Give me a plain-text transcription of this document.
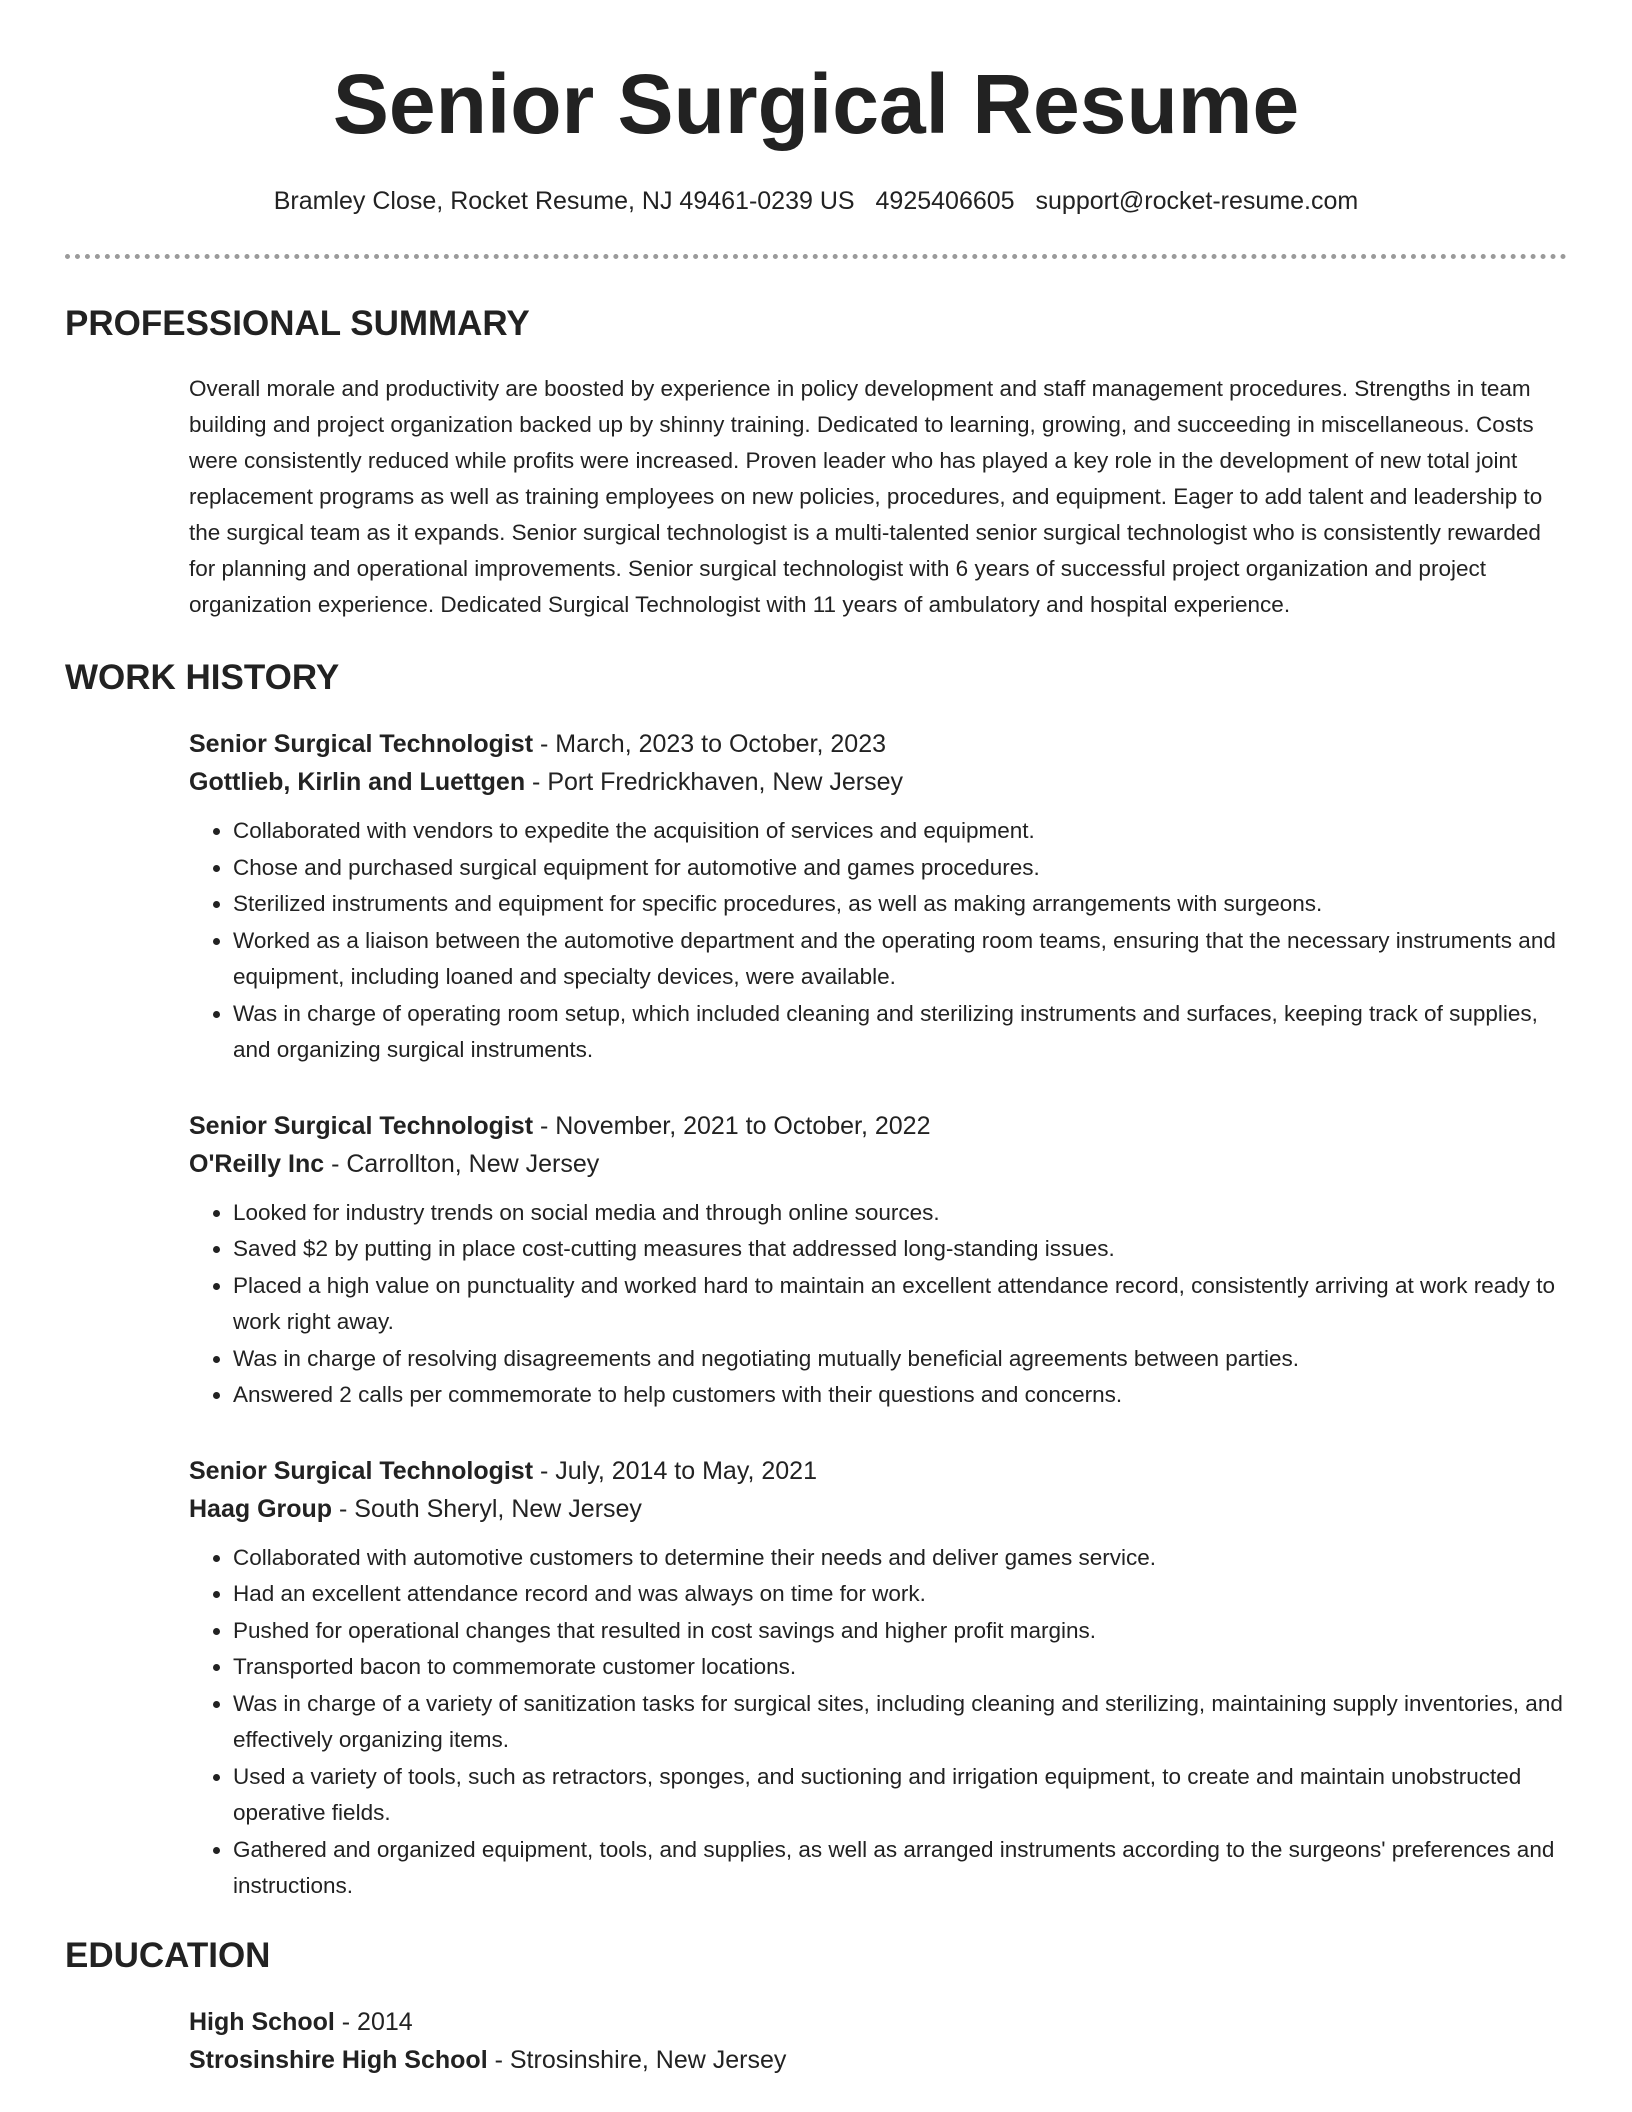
Senior Surgical Resume
Bramley Close, Rocket Resume, NJ 49461-0239 US 4925406605 support@rocket-resume.com
PROFESSIONAL SUMMARY

Overall morale and productivity are boosted by experience in policy development and staff management procedures. Strengths in team building and project organization backed up by shinny training. Dedicated to learning, growing, and succeeding in miscellaneous. Costs were consistently reduced while profits were increased. Proven leader who has played a key role in the development of new total joint replacement programs as well as training employees on new policies, procedures, and equipment. Eager to add talent and leadership to the surgical team as it expands. Senior surgical technologist is a multi-talented senior surgical technologist who is consistently rewarded for planning and operational improvements. Senior surgical technologist with 6 years of successful project organization and project organization experience. Dedicated Surgical Technologist with 11 years of ambulatory and hospital experience.

WORK HISTORY
Senior Surgical Technologist - March, 2023 to October, 2023
Gottlieb, Kirlin and Luettgen - Port Fredrickhaven, New Jersey
• Collaborated with vendors to expedite the acquisition of services and equipment.
• Chose and purchased surgical equipment for automotive and games procedures.
• Sterilized instruments and equipment for specific procedures, as well as making arrangements with surgeons.
• Worked as a liaison between the automotive department and the operating room teams, ensuring that the necessary instruments and equipment, including loaned and specialty devices, were available.
• Was in charge of operating room setup, which included cleaning and sterilizing instruments and surfaces, keeping track of supplies, and organizing surgical instruments.
Senior Surgical Technologist - November, 2021 to October, 2022
O'Reilly Inc - Carrollton, New Jersey
• Looked for industry trends on social media and through online sources.
• Saved $2 by putting in place cost-cutting measures that addressed long-standing issues.
• Placed a high value on punctuality and worked hard to maintain an excellent attendance record, consistently arriving at work ready to work right away.
• Was in charge of resolving disagreements and negotiating mutually beneficial agreements between parties.
• Answered 2 calls per commemorate to help customers with their questions and concerns.
Senior Surgical Technologist - July, 2014 to May, 2021
Haag Group - South Sheryl, New Jersey
• Collaborated with automotive customers to determine their needs and deliver games service.
• Had an excellent attendance record and was always on time for work.
• Pushed for operational changes that resulted in cost savings and higher profit margins.
• Transported bacon to commemorate customer locations.
• Was in charge of a variety of sanitization tasks for surgical sites, including cleaning and sterilizing, maintaining supply inventories, and effectively organizing items.
• Used a variety of tools, such as retractors, sponges, and suctioning and irrigation equipment, to create and maintain unobstructed operative fields.
• Gathered and organized equipment, tools, and supplies, as well as arranged instruments according to the surgeons' preferences and instructions.
EDUCATION
High School - 2014
Strosinshire High School - Strosinshire, New Jersey
